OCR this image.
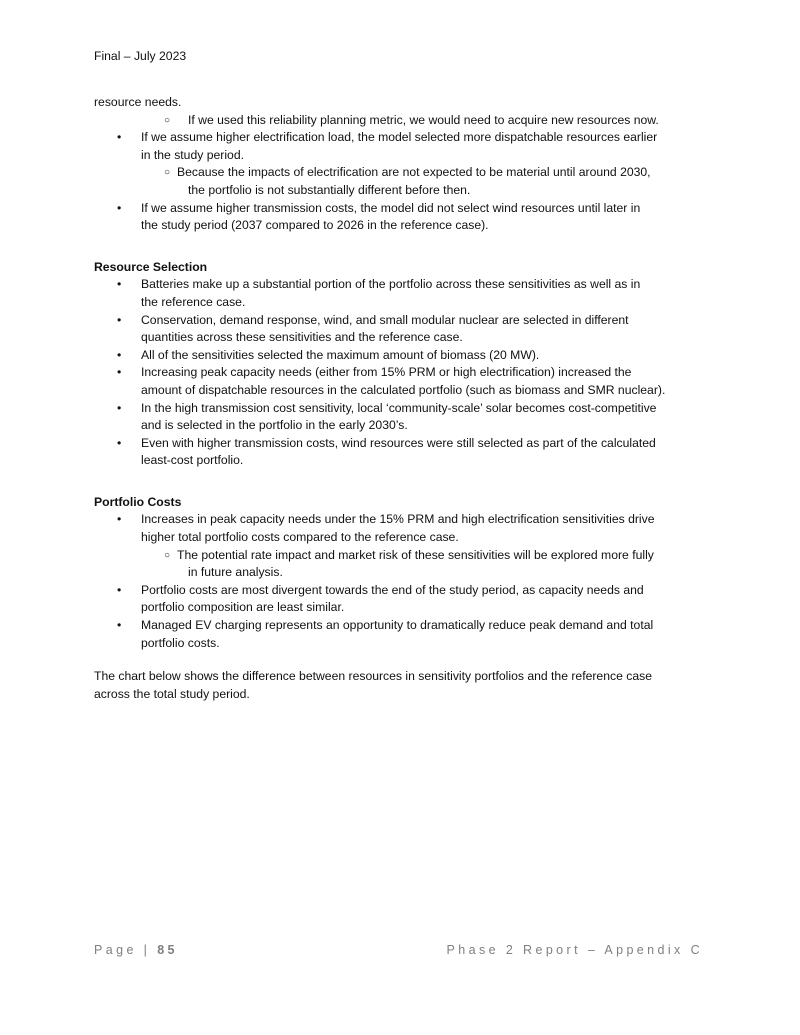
Final – July 2023

resource needs.

○ If we used this reliability planning metric, we would need to acquire new resources now.

• If we assume higher electrification load, the model selected more dispatchable resources earlier

in the study period.

○ Because the impacts of electrification are not expected to be material until around 2030,

the portfolio is not substantially different before then.

• If we assume higher transmission costs, the model did not select wind resources until later in

the study period (2037 compared to 2026 in the reference case).

Resource Selection

• Batteries make up a substantial portion of the portfolio across these sensitivities as well as in

the reference case.

• Conservation, demand response, wind, and small modular nuclear are selected in different

quantities across these sensitivities and the reference case.

• All of the sensitivities selected the maximum amount of biomass (20 MW).

• Increasing peak capacity needs (either from 15% PRM or high electrification) increased the

amount of dispatchable resources in the calculated portfolio (such as biomass and SMR nuclear).

• In the high transmission cost sensitivity, local ‘community-scale’ solar becomes cost-competitive

and is selected in the portfolio in the early 2030’s.

• Even with higher transmission costs, wind resources were still selected as part of the calculated

least-cost portfolio.

Portfolio Costs

• Increases in peak capacity needs under the 15% PRM and high electrification sensitivities drive

higher total portfolio costs compared to the reference case.

○ The potential rate impact and market risk of these sensitivities will be explored more fully

in future analysis.

• Portfolio costs are most divergent towards the end of the study period, as capacity needs and

portfolio composition are least similar.

• Managed EV charging represents an opportunity to dramatically reduce peak demand and total

portfolio costs.

The chart below shows the difference between resources in sensitivity portfolios and the reference case

across the total study period.

Page | 85	Phase 2 Report – Appendix C
